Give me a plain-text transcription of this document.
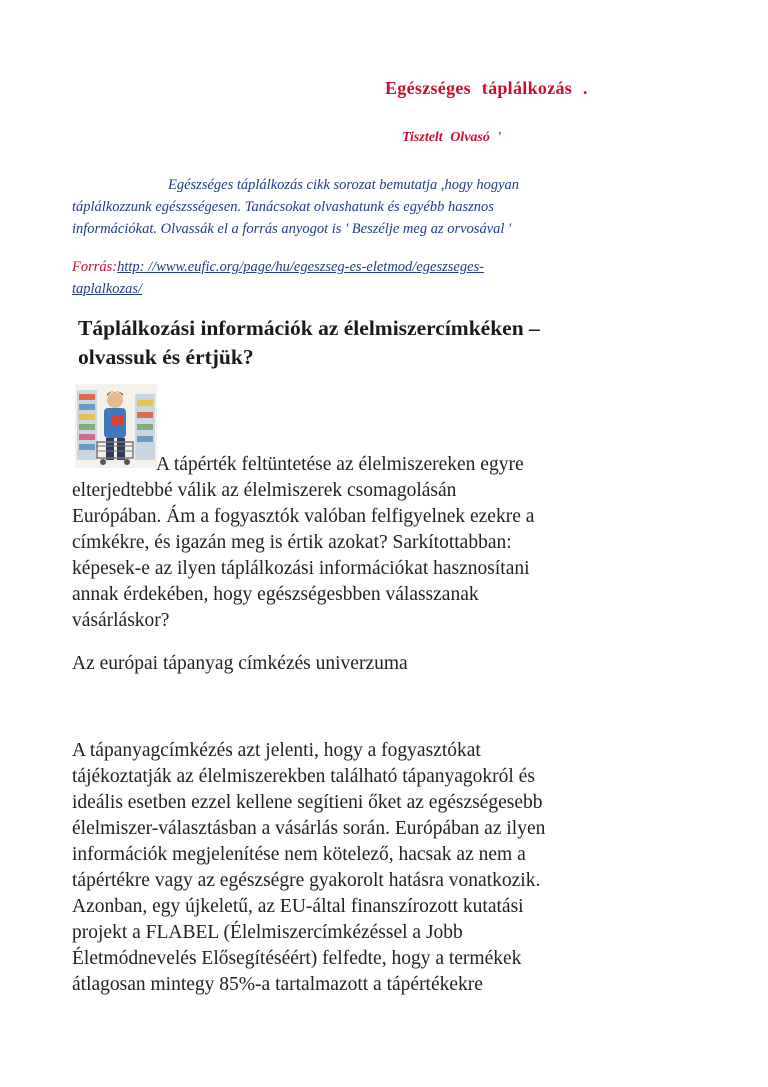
Egészséges táplálkozás .
Tisztelt Olvasó '
Egészséges táplálkozás cikk sorozat bemutatja ,hogy hogyan
táplálkozzunk egészsségesen. Tanácsokat olvashatunk és egyébb hasznos
információkat. Olvassák el a forrás anyogot is ' Beszélje meg az orvosával '
Forrás:http: //www.eufic.org/page/hu/egeszseg-es-eletmod/egeszseges-
taplalkozas/
Táplálkozási információk az élelmiszercímkéken –
olvassuk és értjük?
A tápérték feltüntetése az élelmiszereken egyre
elterjedtebbé válik az élelmiszerek csomagolásán
Európában. Ám a fogyasztók valóban felfigyelnek ezekre a
címkékre, és igazán meg is értik azokat? Sarkítottabban:
képesek-e az ilyen táplálkozási információkat hasznosítani
annak érdekében, hogy egészségesbben válasszanak
vásárláskor?
Az európai tápanyag címkézés univerzuma
A tápanyagcímkézés azt jelenti, hogy a fogyasztókat
tájékoztatják az élelmiszerekben található tápanyagokról és
ideális esetben ezzel kellene segítieni őket az egészségesebb
élelmiszer-választásban a vásárlás során. Európában az ilyen
információk megjelenítése nem kötelező, hacsak az nem a
tápértékre vagy az egészségre gyakorolt hatásra vonatkozik.
Azonban, egy újkeletű, az EU-által finanszírozott kutatási
projekt a FLABEL (Élelmiszercímkézéssel a Jobb
Életmódnevelés Elősegítéséért) felfedte, hogy a termékek
átlagosan mintegy 85%-a tartalmazott a tápértékekre
